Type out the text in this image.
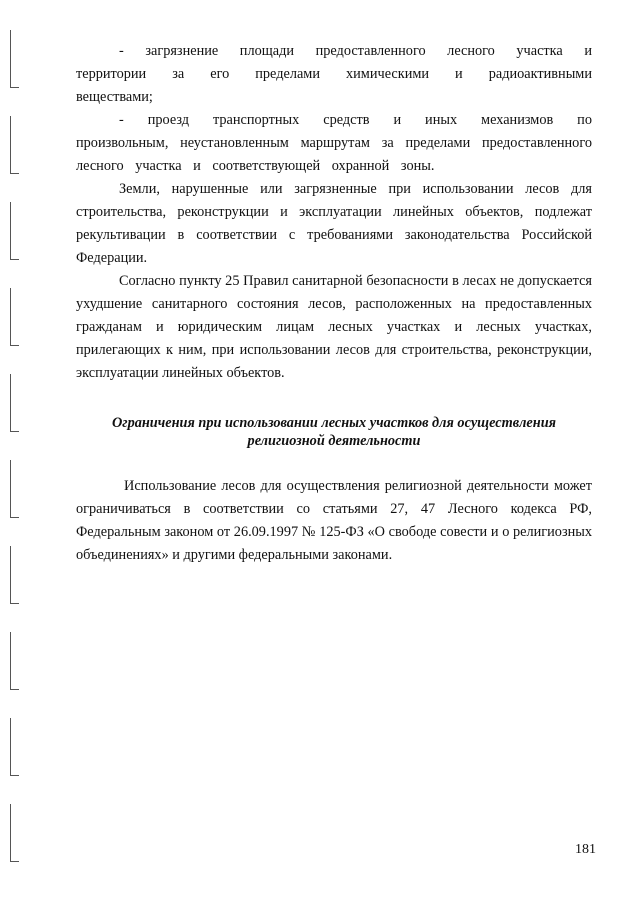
- загрязнение площади предоставленного лесного участка и территории за его пределами химическими и радиоактивными веществами;

- проезд транспортных средств и иных механизмов по произвольным, неустановленным маршрутам за пределами предоставленного лесного участка и соответствующей охранной зоны.

Земли, нарушенные или загрязненные при использовании лесов для строительства, реконструкции и эксплуатации линейных объектов, подлежат рекультивации в соответствии с требованиями законодательства Российской Федерации.

Согласно пункту 25 Правил санитарной безопасности в лесах не допускается ухудшение санитарного состояния лесов, расположенных на предоставленных гражданам и юридическим лицам лесных участках и лесных участках, прилегающих к ним, при использовании лесов для строительства, реконструкции, эксплуатации линейных объектов.

Ограничения при использовании лесных участков для осуществления
религиозной деятельности

Использование лесов для осуществления религиозной деятельности может ограничиваться в соответствии со статьями 27, 47 Лесного кодекса РФ, Федеральным законом от 26.09.1997 № 125-ФЗ «О свободе совести и о религиозных объединениях» и другими федеральными законами.

181
